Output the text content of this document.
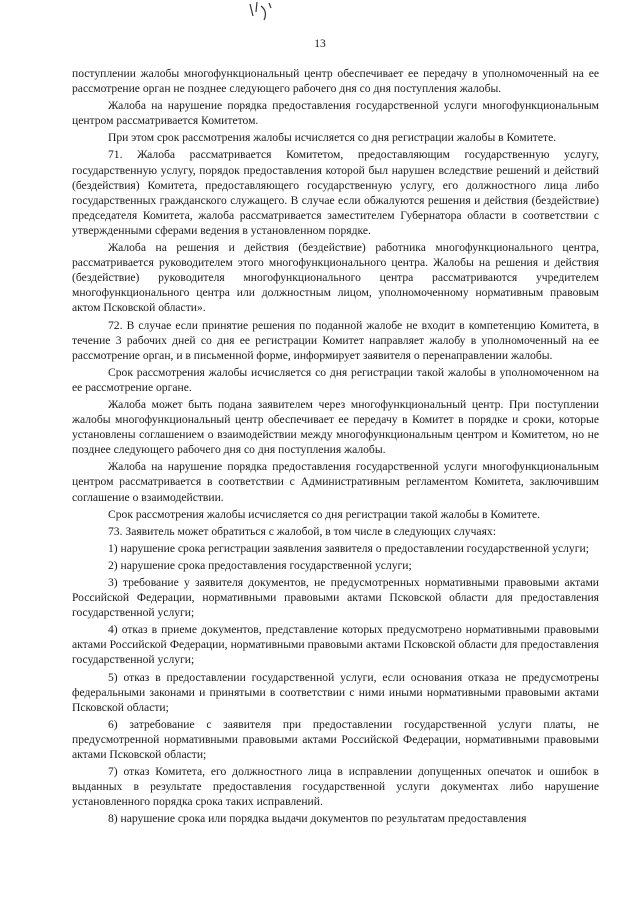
13

поступлении жалобы многофункциональный центр обеспечивает ее передачу в уполномоченный на ее рассмотрение орган не позднее следующего рабочего дня со дня поступления жалобы.

Жалоба на нарушение порядка предоставления государственной услуги многофункциональным центром рассматривается Комитетом.

При этом срок рассмотрения жалобы исчисляется со дня регистрации жалобы в Комитете.

71. Жалоба рассматривается Комитетом, предоставляющим государственную услугу, государственную услугу, порядок предоставления которой был нарушен вследствие решений и действий (бездействия) Комитета, предоставляющего государственную услугу, его должностного лица либо государственных гражданского служащего. В случае если обжалуются решения и действия (бездействие) председателя Комитета, жалоба рассматривается заместителем Губернатора области в соответствии с утвержденными сферами ведения в установленном порядке.

Жалоба на решения и действия (бездействие) работника многофункционального центра, рассматривается руководителем этого многофункционального центра. Жалобы на решения и действия (бездействие) руководителя многофункционального центра рассматриваются учредителем многофункционального центра или должностным лицом, уполномоченному нормативным правовым актом Псковской области».

72. В случае если принятие решения по поданной жалобе не входит в компетенцию Комитета, в течение 3 рабочих дней со дня ее регистрации Комитет направляет жалобу в уполномоченный на ее рассмотрение орган, и в письменной форме, информирует заявителя о перенаправлении жалобы.

Срок рассмотрения жалобы исчисляется со дня регистрации такой жалобы в уполномоченном на ее рассмотрение органе.

Жалоба может быть подана заявителем через многофункциональный центр. При поступлении жалобы многофункциональный центр обеспечивает ее передачу в Комитет в порядке и сроки, которые установлены соглашением о взаимодействии между многофункциональным центром и Комитетом, но не позднее следующего рабочего дня со дня поступления жалобы.

Жалоба на нарушение порядка предоставления государственной услуги многофункциональным центром рассматривается в соответствии с Административным регламентом Комитета, заключившим соглашение о взаимодействии.

Срок рассмотрения жалобы исчисляется со дня регистрации такой жалобы в Комитете.

73. Заявитель может обратиться с жалобой, в том числе в следующих случаях:

1) нарушение срока регистрации заявления заявителя о предоставлении государственной услуги;

2) нарушение срока предоставления государственной услуги;

3) требование у заявителя документов, не предусмотренных нормативными правовыми актами Российской Федерации, нормативными правовыми актами Псковской области для предоставления государственной услуги;

4) отказ в приеме документов, представление которых предусмотрено нормативными правовыми актами Российской Федерации, нормативными правовыми актами Псковской области для предоставления государственной услуги;

5) отказ в предоставлении государственной услуги, если основания отказа не предусмотрены федеральными законами и принятыми в соответствии с ними иными нормативными правовыми актами Псковской области;

6) затребование с заявителя при предоставлении государственной услуги платы, не предусмотренной нормативными правовыми актами Российской Федерации, нормативными правовыми актами Псковской области;

7) отказ Комитета, его должностного лица в исправлении допущенных опечаток и ошибок в выданных в результате предоставления государственной услуги документах либо нарушение установленного порядка срока таких исправлений.

8) нарушение срока или порядка выдачи документов по результатам предоставления
